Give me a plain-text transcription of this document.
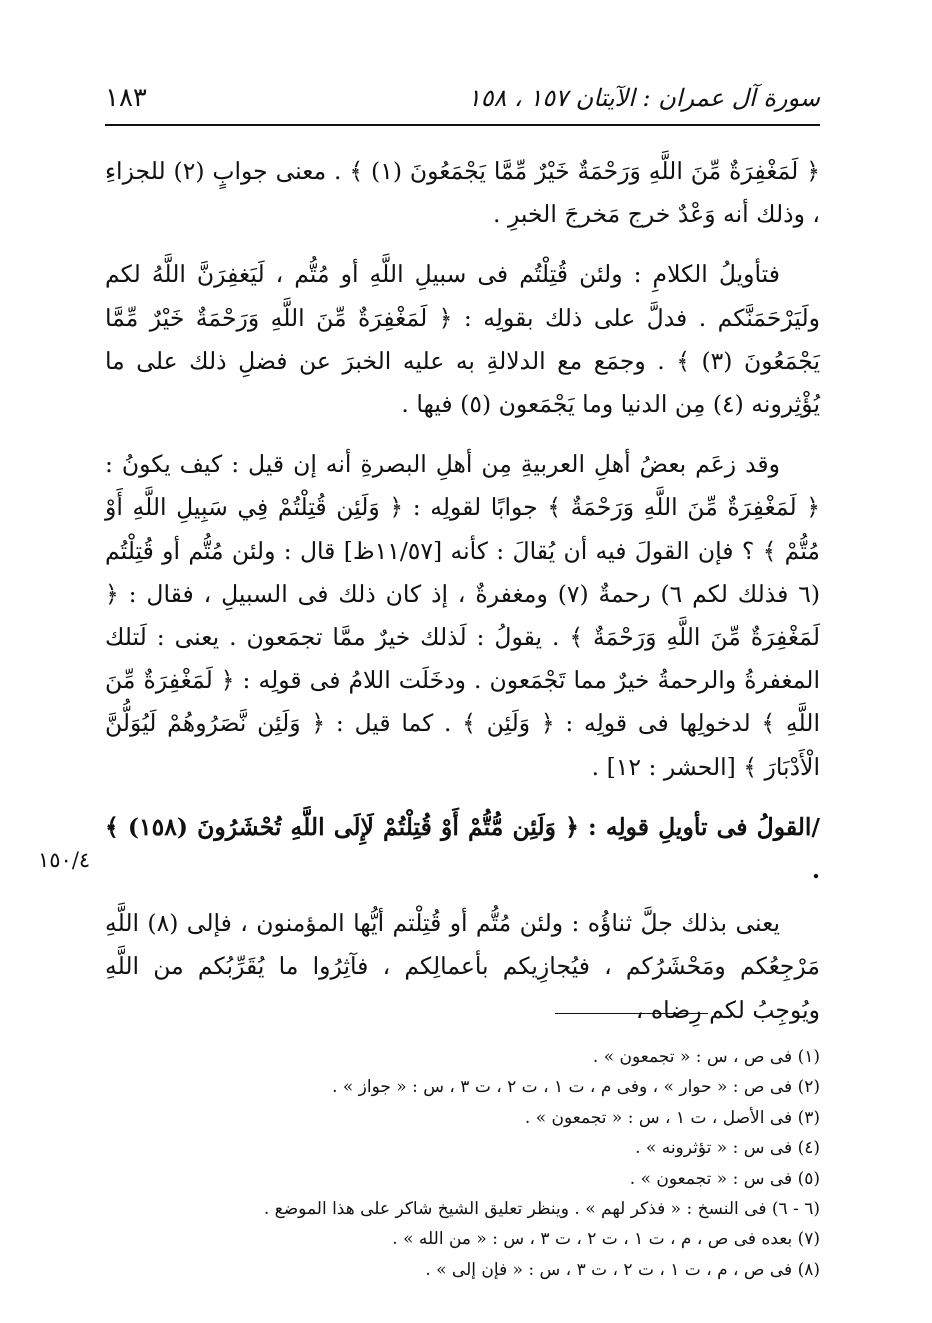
سورة آل عمران : الآيتان ١٥٧ ، ١٥٨
١٨٣

﴿ لَمَغْفِرَةٌ مِّنَ اللَّهِ وَرَحْمَةٌ خَيْرٌ مِّمَّا يَجْمَعُونَ (١) ﴾ . معنى جوابٍ (٢) للجزاءِ ، وذلك أنه وَعْدٌ خرج مَخرجَ الخبرِ .

فتأويلُ الكلامِ : ولئن قُتِلْتُم فى سبيلِ اللَّهِ أو مُتُّم ، لَيَغفِرَنَّ اللَّهُ لكم ولَيَرْحَمَنَّكم . فدلَّ على ذلك بقولِه : ﴿ لَمَغْفِرَةٌ مِّنَ اللَّهِ وَرَحْمَةٌ خَيْرٌ مِّمَّا يَجْمَعُونَ (٣) ﴾ . وجمَع مع الدلالةِ به عليه الخبرَ عن فضلِ ذلك على ما يُؤْثِرونه (٤) مِن الدنيا وما يَجْمَعون (٥) فيها .

وقد زعَم بعضُ أهلِ العربيةِ مِن أهلِ البصرةِ أنه إن قيل : كيف يكونُ : ﴿ لَمَغْفِرَةٌ مِّنَ اللَّهِ وَرَحْمَةٌ ﴾ جوابًا لقولِه : ﴿ وَلَئِن قُتِلْتُمْ فِي سَبِيلِ اللَّهِ أَوْ مُتُّمْ ﴾ ؟ فإن القولَ فيه أن يُقالَ : كأنه [١١/٥٧ظ] قال : ولئن مُتُّم أو قُتِلْتُم (٦ فذلك لكم ٦) رحمةٌ (٧) ومغفرةٌ ، إذ كان ذلك فى السبيلِ ، فقال : ﴿ لَمَغْفِرَةٌ مِّنَ اللَّهِ وَرَحْمَةٌ ﴾ . يقولُ : لَذلك خيرٌ ممَّا تجمَعون . يعنى : لَتلك المغفرةُ والرحمةُ خيرٌ مما تَجْمَعون . ودخَلَت اللامُ فى قولِه : ﴿ لَمَغْفِرَةٌ مِّنَ اللَّهِ ﴾ لدخولِها فى قولِه : ﴿ وَلَئِن ﴾ . كما قيل : ﴿ وَلَئِن نَّصَرُوهُمْ لَيُوَلُّنَّ الْأَدْبَارَ ﴾ [الحشر : ١٢] .

/القولُ فى تأويلِ قولِه : ﴿ وَلَئِن مُّتُّمْ أَوْ قُتِلْتُمْ لَإِلَى اللَّهِ تُحْشَرُونَ (١٥٨) ﴾ .

يعنى بذلك جلَّ ثناؤُه : ولئن مُتُّم أو قُتِلْتم أيُّها المؤمنون ، فإلى (٨) اللَّهِ مَرْجِعُكم ومَحْشَرُكم ، فيُجازِيكم بأعمالِكم ، فآثِرُوا ما يُقَرِّبُكم من اللَّهِ ويُوجِبُ لكم رِضاه ،

١٥٠/٤

(١) فى ص ، س : « تجمعون » .

(٢) فى ص : « حوار » ، وفى م ، ت ١ ، ت ٢ ، ت ٣ ، س : « جواز » .

(٣) فى الأصل ، ت ١ ، س : « تجمعون » .

(٤) فى س : « تؤثرونه » .

(٥) فى س : « تجمعون » .

(٦ - ٦) فى النسخ : « فذكر لهم » . وينظر تعليق الشيخ شاكر على هذا الموضع .

(٧) بعده فى ص ، م ، ت ١ ، ت ٢ ، ت ٣ ، س : « من الله » .

(٨) فى ص ، م ، ت ١ ، ت ٢ ، ت ٣ ، س : « فإن إلى » .
